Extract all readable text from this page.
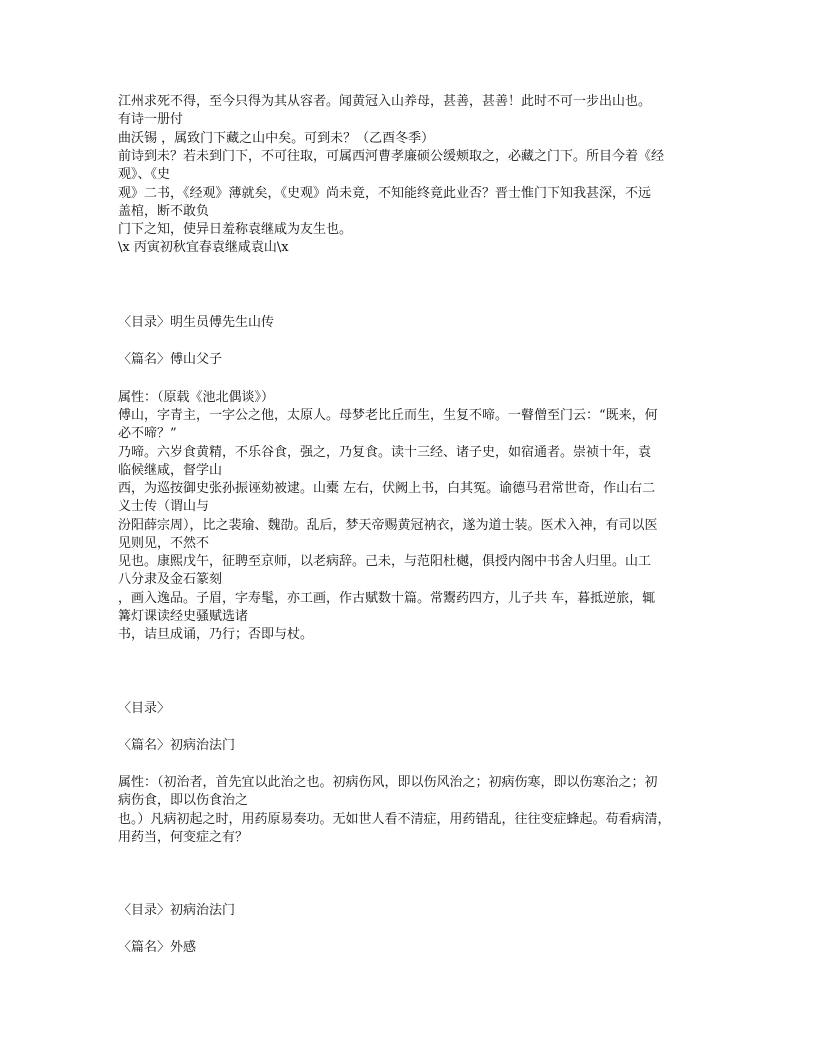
江州求死不得，至今只得为其从容者。闻黄冠入山养母，甚善，甚善！此时不可一步出山也。
有诗一册付
曲沃锡 ，属致门下藏之山中矣。可到未？（乙酉冬季）
前诗到未？若未到门下，不可往取，可属西河曹孝廉硕公缓颊取之，必藏之门下。所目今着《经
观》、《史
观》二书，《经观》薄就矣，《史观》尚未竟，不知能终竟此业否？晋士惟门下知我甚深，不远
盖棺，断不敢负
门下之知，使异日羞称袁继咸为友生也。
\x 丙寅初秋宜春袁继咸袁山\x
〈目录〉明生员傅先生山传
〈篇名〉傅山父子
属性：（原载《池北偶谈》）
傅山，字青主，一字公之他，太原人。母梦老比丘而生，生复不啼。一瞽僧至门云：“既来，何
必不啼？”
乃啼。六岁食黄精，不乐谷食，强之，乃复食。读十三经、诸子史，如宿通者。崇祯十年，袁
临候继咸，督学山
西，为巡按御史张孙振诬劾被逮。山橐 左右，伏阙上书，白其冤。谕德马君常世奇，作山右二
义士传（谓山与
汾阳薛宗周），比之裴瑜、魏劭。乱后，梦天帝赐黄冠衲衣，遂为道士装。医术入神，有司以医
见则见，不然不
见也。康熙戊午，征聘至京师，以老病辞。己未，与范阳杜樾，俱授内阁中书舍人归里。山工
八分隶及金石篆刻
，画入逸品。子眉，字寿髦，亦工画，作古赋数十篇。常鬻药四方，儿子共 车，暮抵逆旅，辄
篝灯课读经史骚赋选诸
书，诘旦成诵，乃行；否即与杖。
〈目录〉
〈篇名〉初病治法门
属性：（初治者，首先宜以此治之也。初病伤风，即以伤风治之；初病伤寒，即以伤寒治之；初
病伤食，即以伤食治之
也。）凡病初起之时，用药原易奏功。无如世人看不清症，用药错乱，往往变症蜂起。苟看病清，
用药当，何变症之有？
〈目录〉初病治法门
〈篇名〉外感
